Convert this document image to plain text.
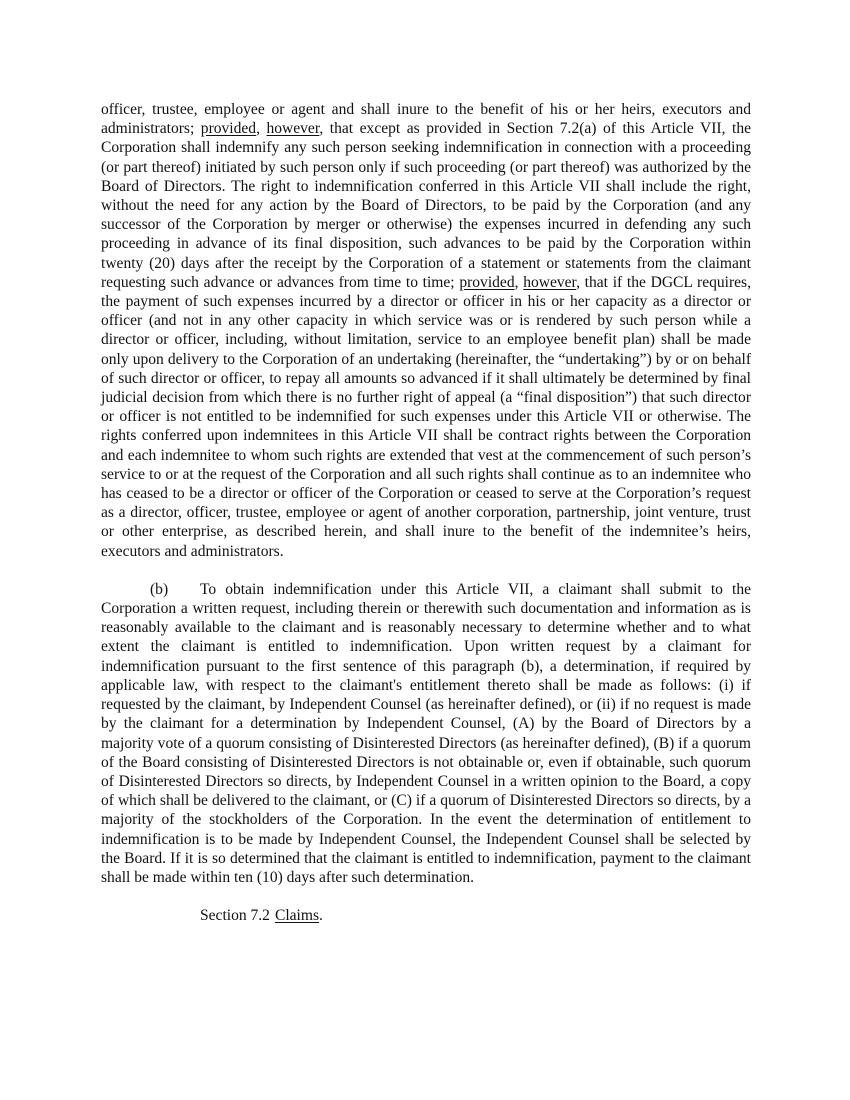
officer, trustee, employee or agent and shall inure to the benefit of his or her heirs, executors and administrators; provided, however, that except as provided in Section 7.2(a) of this Article VII, the Corporation shall indemnify any such person seeking indemnification in connection with a proceeding (or part thereof) initiated by such person only if such proceeding (or part thereof) was authorized by the Board of Directors. The right to indemnification conferred in this Article VII shall include the right, without the need for any action by the Board of Directors, to be paid by the Corporation (and any successor of the Corporation by merger or otherwise) the expenses incurred in defending any such proceeding in advance of its final disposition, such advances to be paid by the Corporation within twenty (20) days after the receipt by the Corporation of a statement or statements from the claimant requesting such advance or advances from time to time; provided, however, that if the DGCL requires, the payment of such expenses incurred by a director or officer in his or her capacity as a director or officer (and not in any other capacity in which service was or is rendered by such person while a director or officer, including, without limitation, service to an employee benefit plan) shall be made only upon delivery to the Corporation of an undertaking (hereinafter, the “undertaking”) by or on behalf of such director or officer, to repay all amounts so advanced if it shall ultimately be determined by final judicial decision from which there is no further right of appeal (a “final disposition”) that such director or officer is not entitled to be indemnified for such expenses under this Article VII or otherwise. The rights conferred upon indemnitees in this Article VII shall be contract rights between the Corporation and each indemnitee to whom such rights are extended that vest at the commencement of such person’s service to or at the request of the Corporation and all such rights shall continue as to an indemnitee who has ceased to be a director or officer of the Corporation or ceased to serve at the Corporation’s request as a director, officer, trustee, employee or agent of another corporation, partnership, joint venture, trust or other enterprise, as described herein, and shall inure to the benefit of the indemnitee’s heirs, executors and administrators.

(b) To obtain indemnification under this Article VII, a claimant shall submit to the Corporation a written request, including therein or therewith such documentation and information as is reasonably available to the claimant and is reasonably necessary to determine whether and to what extent the claimant is entitled to indemnification. Upon written request by a claimant for indemnification pursuant to the first sentence of this paragraph (b), a determination, if required by applicable law, with respect to the claimant's entitlement thereto shall be made as follows: (i) if requested by the claimant, by Independent Counsel (as hereinafter defined), or (ii) if no request is made by the claimant for a determination by Independent Counsel, (A) by the Board of Directors by a majority vote of a quorum consisting of Disinterested Directors (as hereinafter defined), (B) if a quorum of the Board consisting of Disinterested Directors is not obtainable or, even if obtainable, such quorum of Disinterested Directors so directs, by Independent Counsel in a written opinion to the Board, a copy of which shall be delivered to the claimant, or (C) if a quorum of Disinterested Directors so directs, by a majority of the stockholders of the Corporation. In the event the determination of entitlement to indemnification is to be made by Independent Counsel, the Independent Counsel shall be selected by the Board. If it is so determined that the claimant is entitled to indemnification, payment to the claimant shall be made within ten (10) days after such determination.

Section 7.2 Claims.
